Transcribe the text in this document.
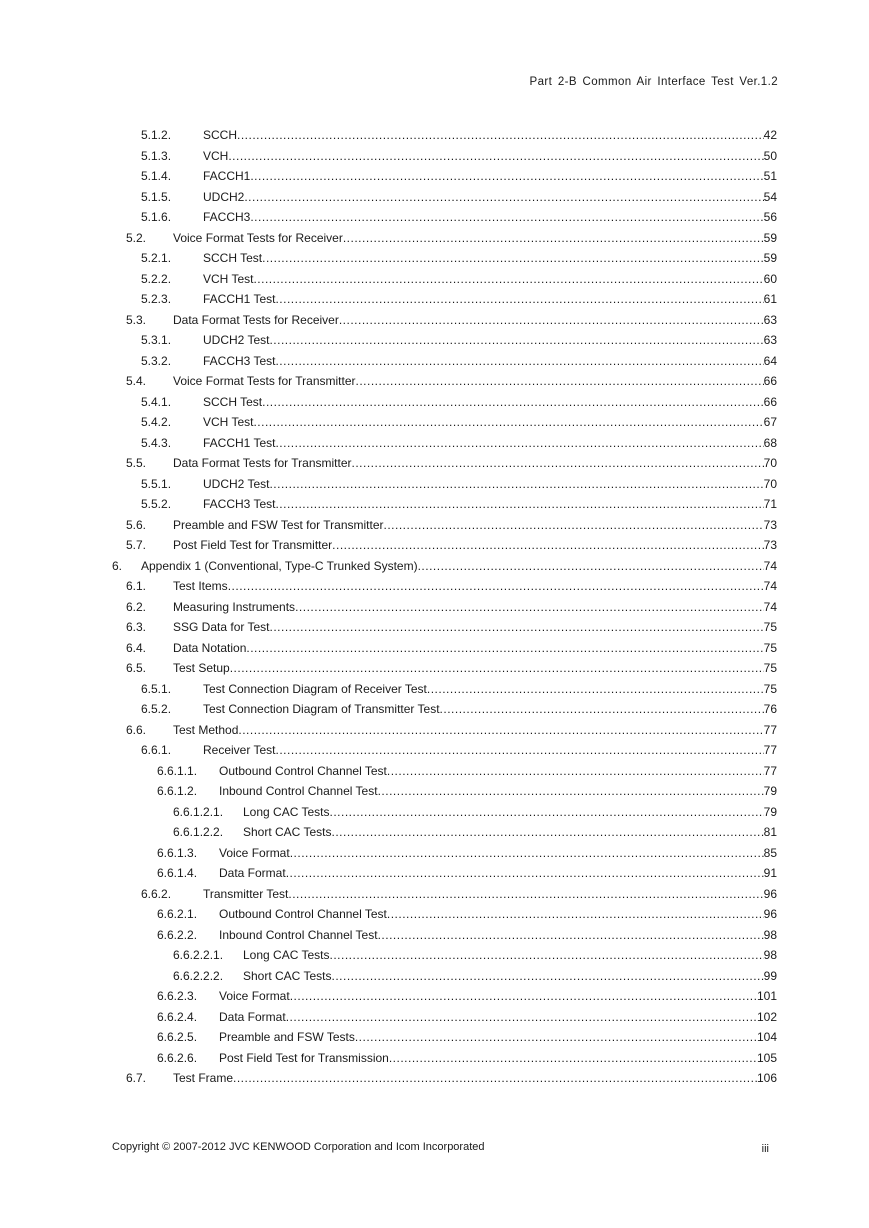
Part 2-B Common Air Interface Test Ver.1.2
5.1.2.	SCCH .....	42
5.1.3.	VCH .....	50
5.1.4.	FACCH1 .....	51
5.1.5.	UDCH2 .....	54
5.1.6.	FACCH3 .....	56
5.2. Voice Format Tests for Receiver .....	59
5.2.1.	SCCH Test .....	59
5.2.2.	VCH Test .....	60
5.2.3.	FACCH1 Test .....	61
5.3. Data Format Tests for Receiver .....	63
5.3.1.	UDCH2 Test .....	63
5.3.2.	FACCH3 Test .....	64
5.4. Voice Format Tests for Transmitter .....	66
5.4.1.	SCCH Test .....	66
5.4.2.	VCH Test .....	67
5.4.3.	FACCH1 Test .....	68
5.5. Data Format Tests for Transmitter .....	70
5.5.1.	UDCH2 Test .....	70
5.5.2.	FACCH3 Test .....	71
5.6. Preamble and FSW Test for Transmitter .....	73
5.7. Post Field Test for Transmitter .....	73
6. Appendix 1 (Conventional, Type-C Trunked System) .....	74
6.1. Test Items .....	74
6.2. Measuring Instruments .....	74
6.3. SSG Data for Test .....	75
6.4. Data Notation .....	75
6.5. Test Setup .....	75
6.5.1.	Test Connection Diagram of Receiver Test .....	75
6.5.2.	Test Connection Diagram of Transmitter Test .....	76
6.6. Test Method .....	77
6.6.1.	Receiver Test .....	77
6.6.1.1. Outbound Control Channel Test .....	77
6.6.1.2. Inbound Control Channel Test .....	79
6.6.1.2.1. Long CAC Tests .....	79
6.6.1.2.2. Short CAC Tests .....	81
6.6.1.3. Voice Format .....	85
6.6.1.4. Data Format .....	91
6.6.2.	Transmitter Test .....	96
6.6.2.1. Outbound Control Channel Test .....	96
6.6.2.2. Inbound Control Channel Test .....	98
6.6.2.2.1. Long CAC Tests .....	98
6.6.2.2.2. Short CAC Tests .....	99
6.6.2.3. Voice Format .....	101
6.6.2.4. Data Format .....	102
6.6.2.5. Preamble and FSW Tests .....	104
6.6.2.6. Post Field Test for Transmission .....	105
6.7. Test Frame .....	106
Copyright © 2007-2012 JVC KENWOOD Corporation and Icom Incorporated	iii
